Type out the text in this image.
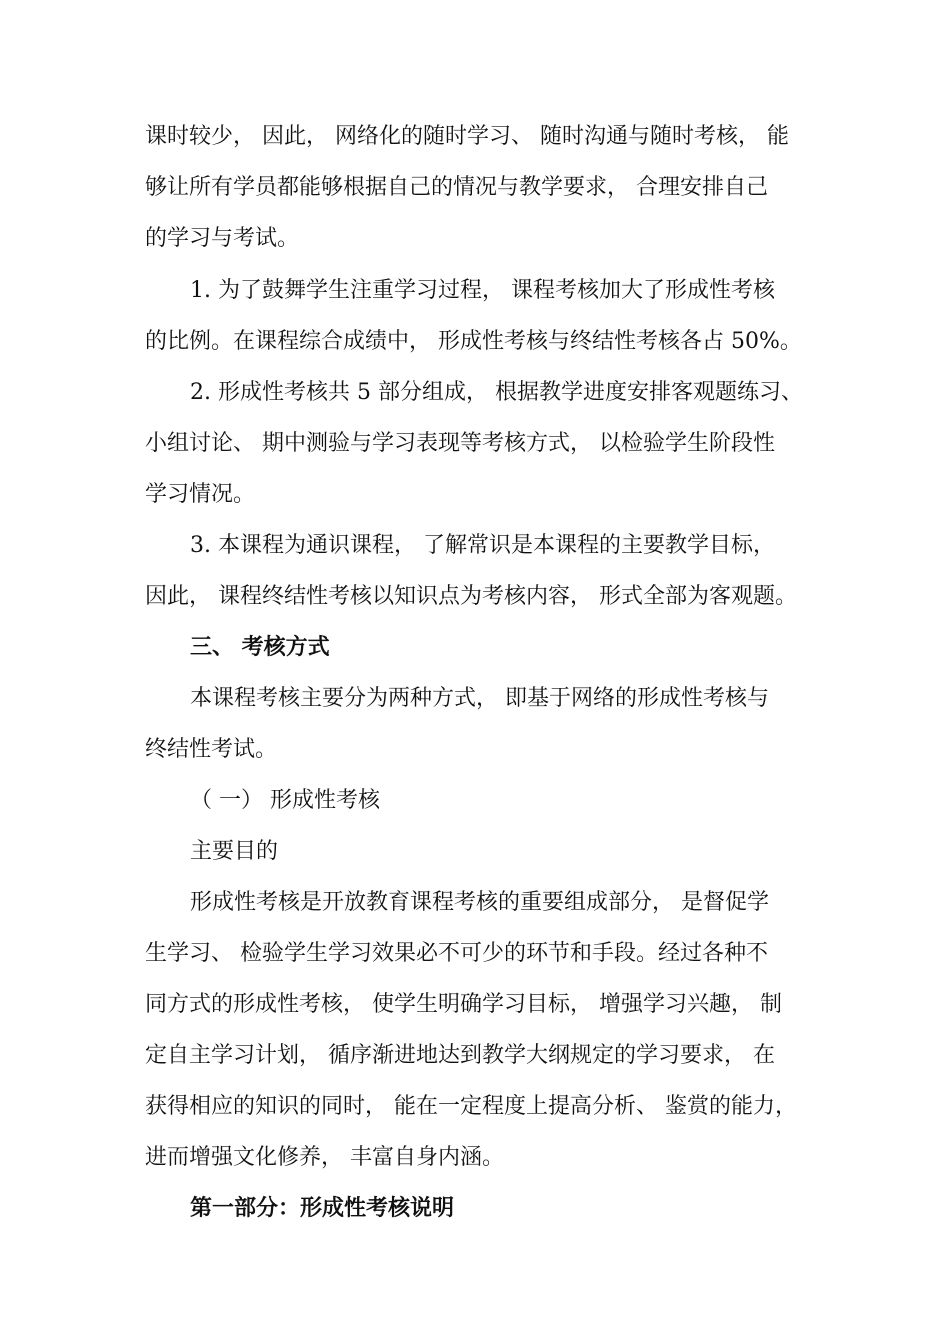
课时较少， 因此， 网络化的随时学习、 随时沟通与随时考核， 能
够让所有学员都能够根据自己的情况与教学要求， 合理安排自己
的学习与考试。
1. 为了鼓舞学生注重学习过程， 课程考核加大了形成性考核
的比例。在课程综合成绩中， 形成性考核与终结性考核各占 50%。
2. 形成性考核共 5 部分组成， 根据教学进度安排客观题练习、
小组讨论、 期中测验与学习表现等考核方式， 以检验学生阶段性
学习情况。
3. 本课程为通识课程， 了解常识是本课程的主要教学目标，
因此， 课程终结性考核以知识点为考核内容， 形式全部为客观题。
三、 考核方式
本课程考核主要分为两种方式， 即基于网络的形成性考核与
终结性考试。
（ 一） 形成性考核
主要目的
形成性考核是开放教育课程考核的重要组成部分， 是督促学
生学习、 检验学生学习效果必不可少的环节和手段。经过各种不
同方式的形成性考核， 使学生明确学习目标， 增强学习兴趣， 制
定自主学习计划， 循序渐进地达到教学大纲规定的学习要求， 在
获得相应的知识的同时， 能在一定程度上提高分析、 鉴赏的能力，
进而增强文化修养， 丰富自身内涵。
第一部分：形成性考核说明
